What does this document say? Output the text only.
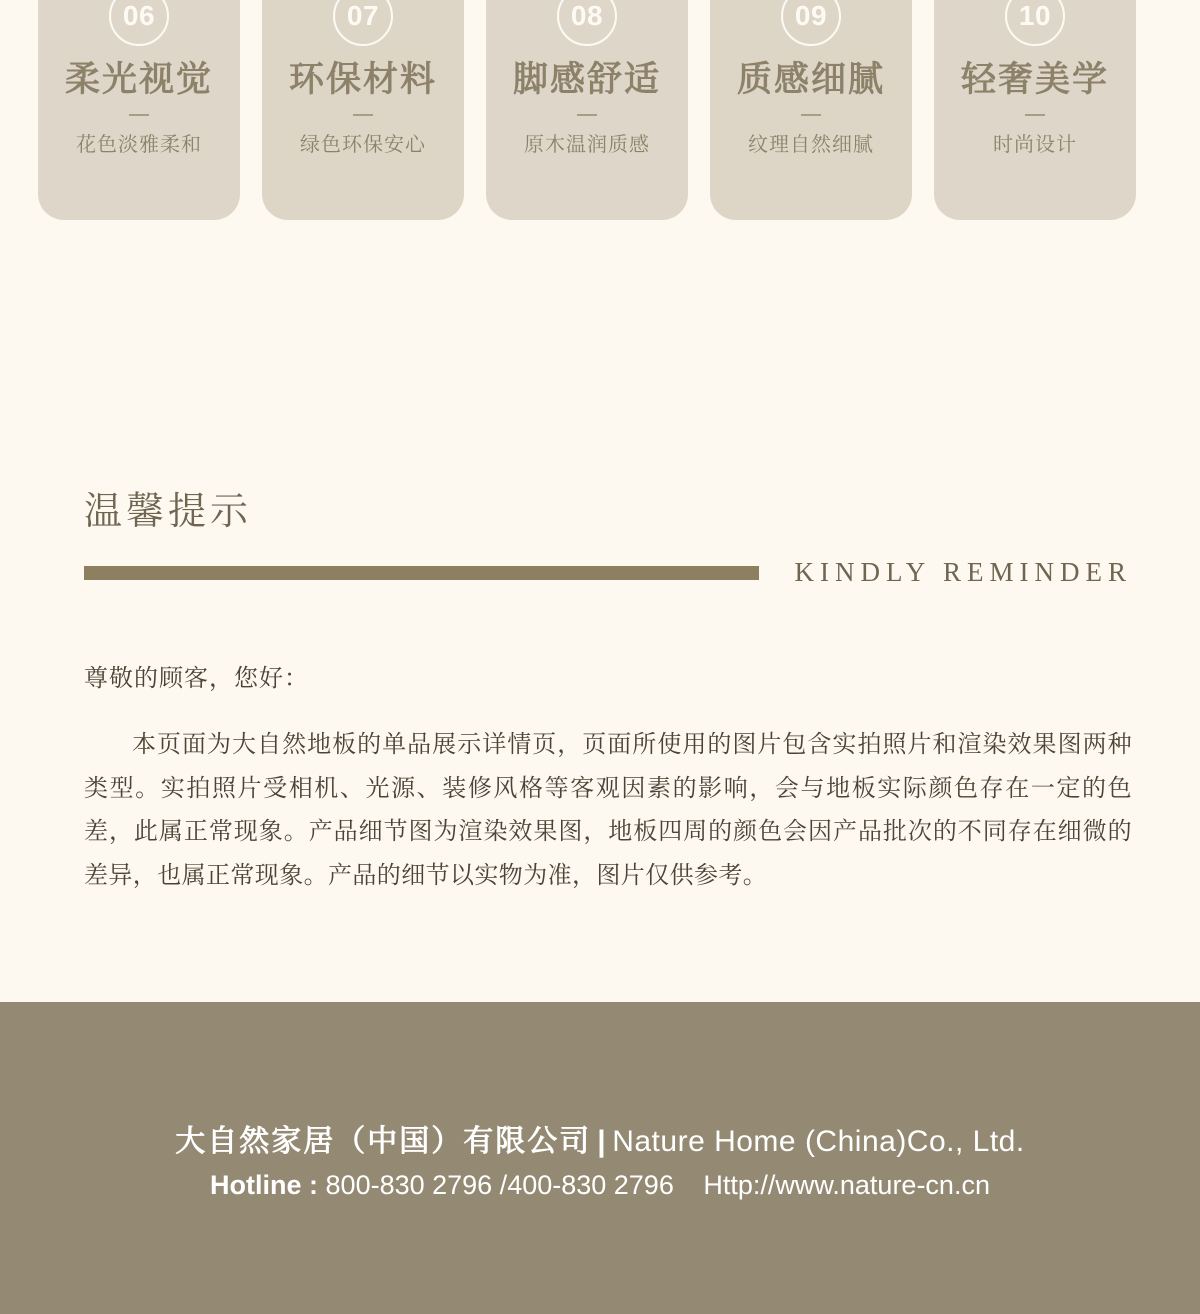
06
柔光视觉
花色淡雅柔和
07
环保材料
绿色环保安心
08
脚感舒适
原木温润质感
09
质感细腻
纹理自然细腻
10
轻奢美学
时尚设计
温馨提示
KINDLY REMINDER

尊敬的顾客，您好：

本页面为大自然地板的单品展示详情页，页面所使用的图片包含实拍照片和渲染效果图两种类型。实拍照片受相机、光源、装修风格等客观因素的影响，会与地板实际颜色存在一定的色差，此属正常现象。产品细节图为渲染效果图，地板四周的颜色会因产品批次的不同存在细微的差异，也属正常现象。产品的细节以实物为准，图片仅供参考。

大自然家居（中国）有限公司 | Nature Home (China)Co., Ltd.
Hotline : 800-830 2796 /400-830 2796 Http://www.nature-cn.cn
